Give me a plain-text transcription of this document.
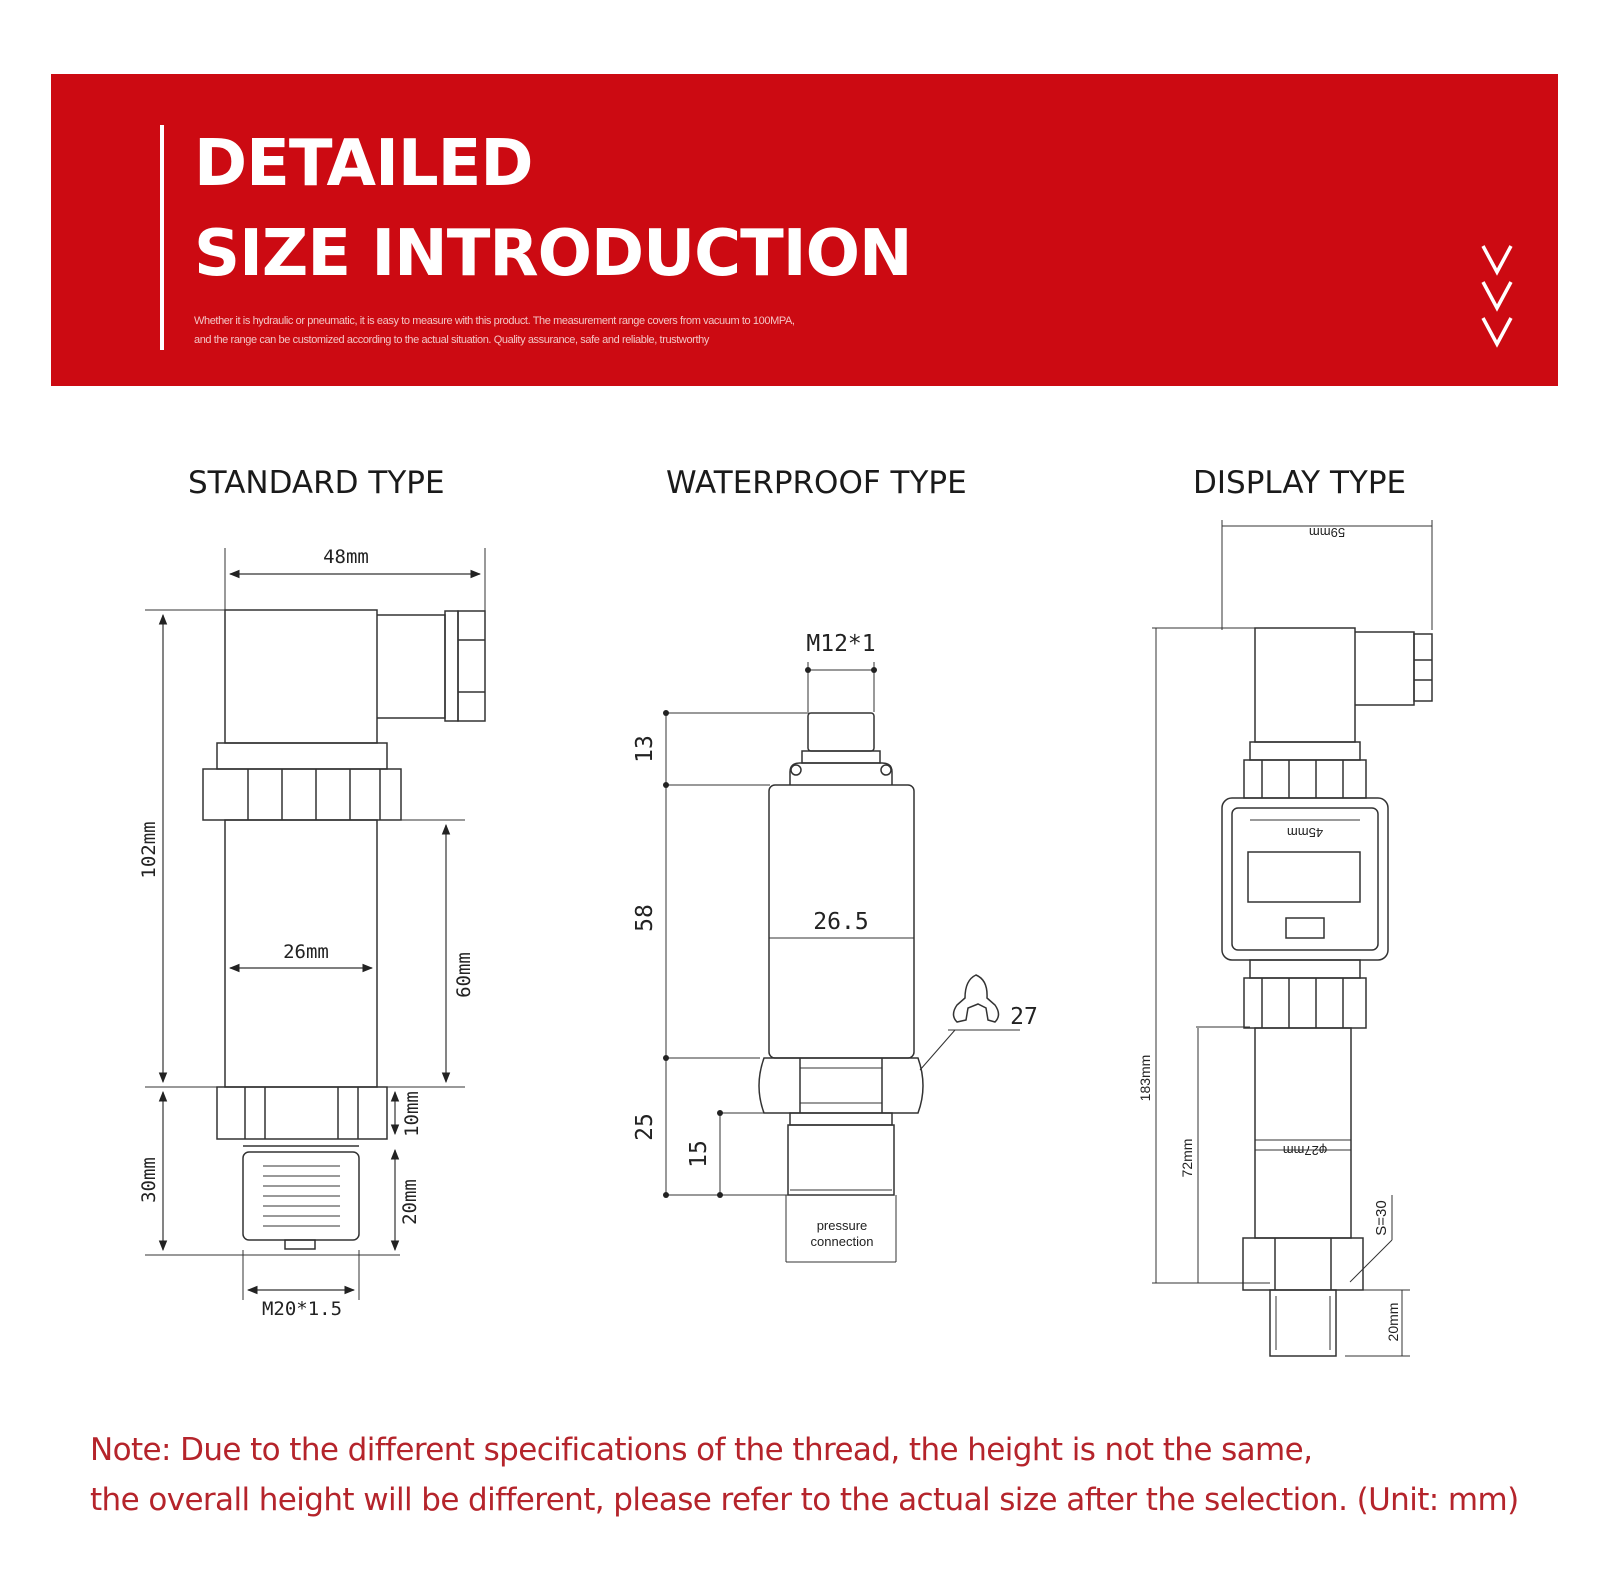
DETAILED
SIZE INTRODUCTION
Whether it is hydraulic or pneumatic, it is easy to measure with this product. The measurement range covers from vacuum to 100MPA,
and the range can be customized according to the actual situation. Quality assurance, safe and reliable, trustworthy
STANDARD TYPE	WATERPROOF TYPE	DISPLAY TYPE
48mm
102mm
26mm
60mm
30mm
10mm
20mm
M20*1.5
M12*1
13
58	26.5
27
25
15
pressure
connection
59mm
45mm
183mm
72mm	φ27mm
S=30
20mm
Note: Due to the different specifications of the thread, the height is not the same,
the overall height will be different, please refer to the actual size after the selection. (Unit: mm)
